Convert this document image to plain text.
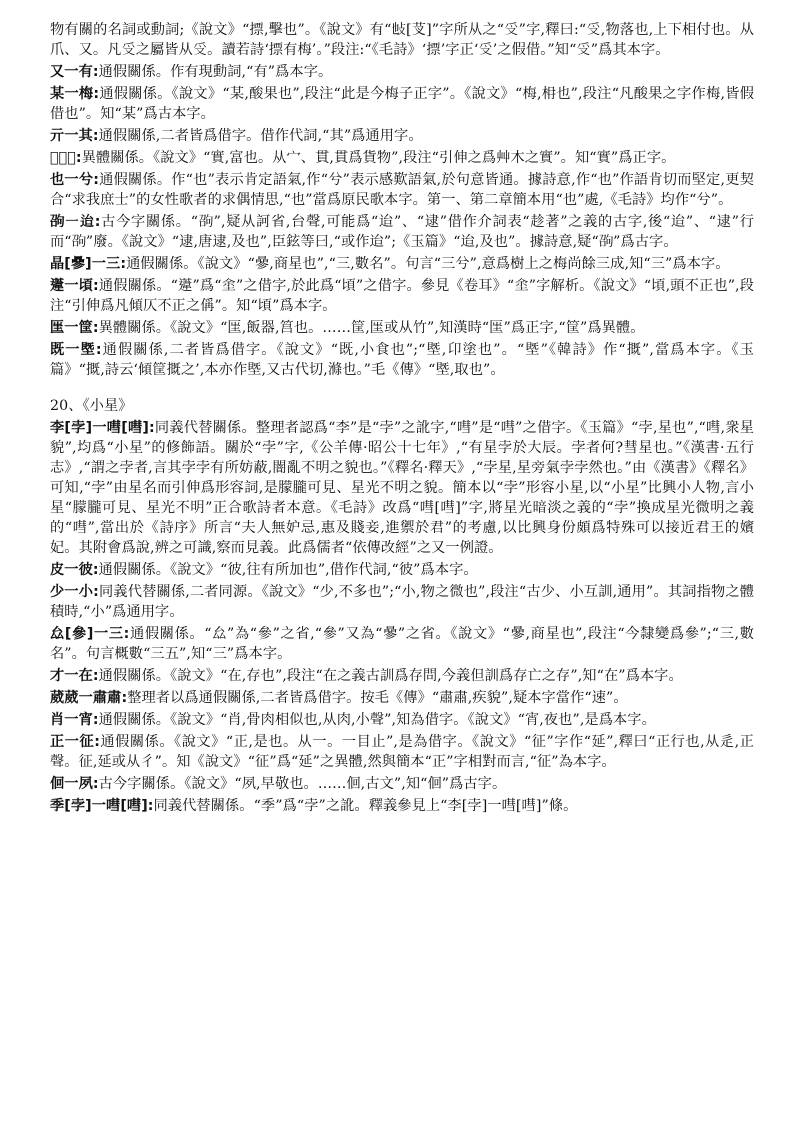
物有關的名詞或動詞;《說文》“摽,擊也”。《說文》有“𢻫[芆]”字所从之“𠬪”字,釋曰:“𠬪,物落也,上下相付也。从爪、又。凡𠬪之屬皆从𠬪。讀若詩‘摽有梅’。”段注:“《毛詩》‘摽’字正‘𠬪’之假借。”知“𠬪”爲其本字。

又一有:通假關係。作有現動詞,“有”爲本字。

某一梅:通假關係。《說文》“某,酸果也”,段注“此是今梅子正字”。《說文》“梅,枏也”,段注“凡酸果之字作梅,皆假借也”。知“某”爲古本字。

亓一其:通假關係,二者皆爲借字。借作代詞,“其”爲通用字。

𡩜一實:異體關係。《說文》“實,富也。从宀、貫,貫爲貨物”,段注“引伸之爲艸木之實”。知“實”爲正字。

也一兮:通假關係。作“也”表示肯定語氣,作“兮”表示感歎語氣,於句意皆通。據詩意,作“也”作語肯切而堅定,更契合“求我庶士”的女性歌者的求偶情思,“也”當爲原民歌本字。第一、第二章簡本用“也”處,《毛詩》均作“兮”。

𠣫一迨:古今字關係。“𠣫”,疑从訶省,台聲,可能爲“迨”、“逮”借作介詞表“趁著”之義的古字,後“迨”、“逮”行而“𠣫”廢。《說文》“逮,唐逮,及也”,臣鉉等曰,“或作迨”;《玉篇》“迨,及也”。據詩意,疑“𠣫”爲古字。

晶[曑]一三:通假關係。《說文》“曑,商星也”,“三,數名”。句言“三兮”,意爲樹上之梅尚餘三成,知“三”爲本字。

𨗨一頃:通假關係。“𨗨”爲“𡌆”之借字,於此爲“頃”之借字。參見《卷耳》“𡌆”字解析。《說文》“頃,頭不正也”,段注“引伸爲凡傾仄不正之偁”。知“頃”爲本字。

匩一筐:異體關係。《說文》“匩,飯器,筥也。……筐,匩或从竹”,知漢時“匩”爲正字,“筐”爲異體。

既一塈:通假關係,二者皆爲借字。《說文》“既,小食也”;“塈,卬塗也”。“塈”《韓詩》作“摡”,當爲本字。《玉篇》“摡,詩云‘傾筐摡之’,本亦作塈,又古代切,滌也。”毛《傳》“塈,取也”。

20、《小星》

李[孛]一嘒[嘒]:同義代替關係。整理者認爲“李”是“孛”之訛字,“嘒”是“嘒”之借字。《玉篇》“孛,星也”,“嘒,衆星貌”,均爲“小星”的修飾語。關於“孛”字,《公羊傳·昭公十七年》,“有星孛於大辰。孛者何?彗星也。”《漢書·五行志》,“謂之孛者,言其孛孛有所妨蔽,闇亂不明之貌也。”《釋名·釋天》,“孛星,星旁氣孛孛然也。”由《漢書》《釋名》可知,“孛”由星名而引伸爲形容詞,是朦朧可見、星光不明之貌。簡本以“孛”形容小星,以“小星”比興小人物,言小星“朦朧可見、星光不明”正合歌詩者本意。《毛詩》改爲“嘒[嘒]”字,將星光暗淡之義的“孛”換成星光微明之義的“嘒”,當出於《詩序》所言“夫人無妒忌,惠及賤妾,進禦於君”的考慮,以比興身份頗爲特殊可以接近君王的嬪妃。其附會爲說,辨之可識,察而見義。此爲儒者“依傳改經”之又一例證。

皮一彼:通假關係。《說文》“彼,往有所加也”,借作代詞,“彼”爲本字。

少一小:同義代替關係,二者同源。《說文》“少,不多也”;“小,物之微也”,段注“古少、小互訓,通用”。其詞指物之體積時,“小”爲通用字。

厽[參]一三:通假關係。“厽”為“參”之省,“參”又為“曑”之省。《說文》“曑,商星也”,段注“今隸變爲參”;“三,數名”。句言概數“三五”,知“三”爲本字。

才一在:通假關係。《說文》“在,存也”,段注“在之義古訓爲存問,今義但訓爲存亡之存”,知“在”爲本字。

葳葳一肅肅:整理者以爲通假關係,二者皆爲借字。按毛《傳》“肅肅,疾貌”,疑本字當作“速”。

肖一宵:通假關係。《說文》“肖,骨肉相似也,从肉,小聲”,知為借字。《說文》“宵,夜也”,是爲本字。

正一征:通假關係。《說文》“正,是也。从一。一目止”,是為借字。《說文》“征”字作“延”,釋曰“正行也,从辵,正聲。征,延或从彳”。知《說文》“征”爲“延”之異體,然與簡本“正”字相對而言,“征”為本字。

佪一夙:古今字關係。《說文》“夙,早敬也。……佪,古文”,知“佪”爲古字。

季[孛]一嘒[嘒]:同義代替關係。“季”爲“孛”之訛。釋義參見上“李[孛]一嘒[嘒]”條。
